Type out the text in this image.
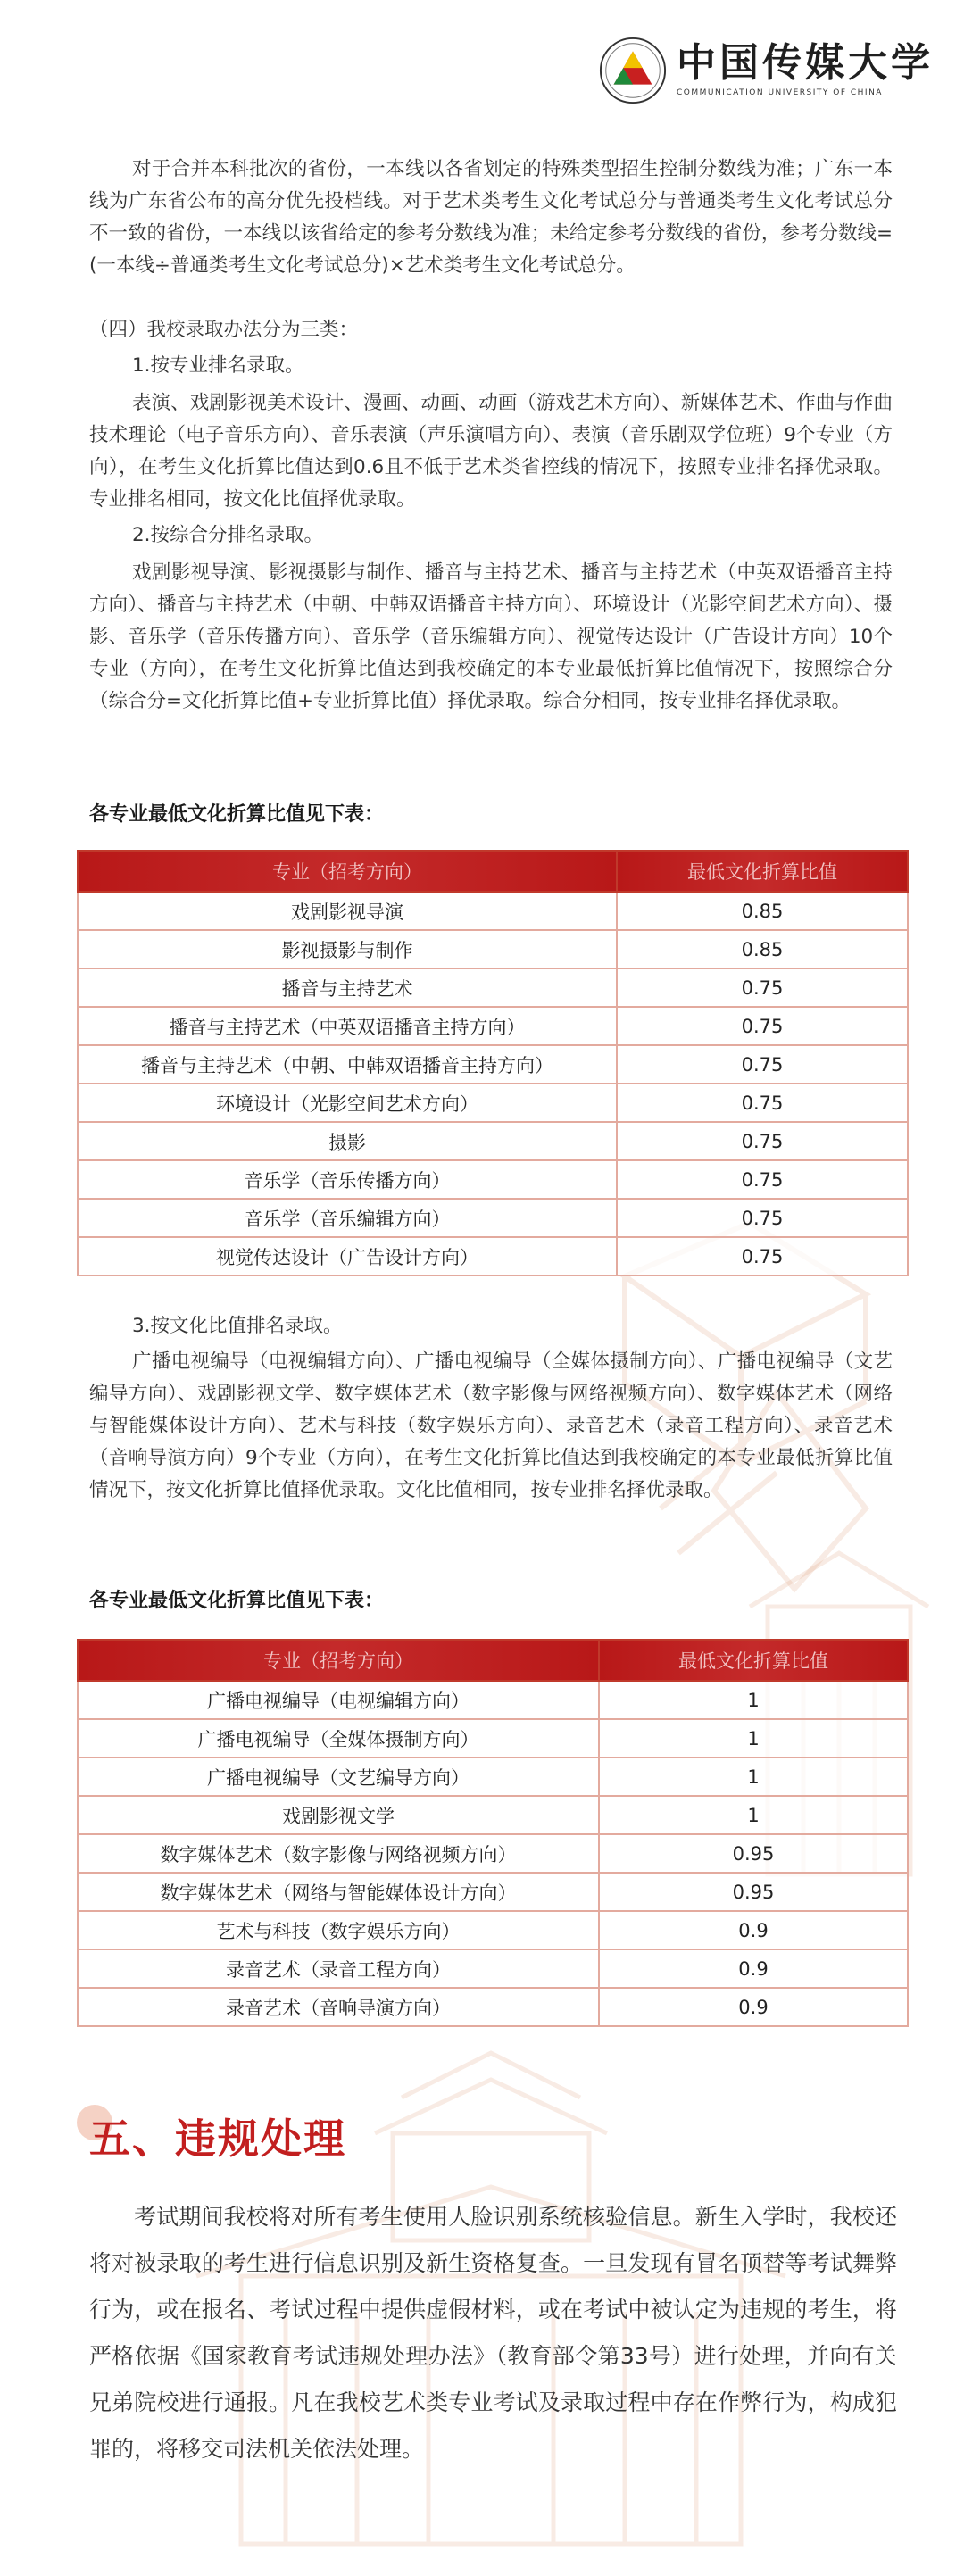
中国传媒大学
COMMUNICATION UNIVERSITY OF CHINA
对于合并本科批次的省份，一本线以各省划定的特殊类型招生控制分数线为准；广东一本线为广东省公布的高分优先投档线。对于艺术类考生文化考试总分与普通类考生文化考试总分不一致的省份，一本线以该省给定的参考分数线为准；未给定参考分数线的省份，参考分数线=(一本线÷普通类考生文化考试总分)×艺术类考生文化考试总分。
（四）我校录取办法分为三类：
1.按专业排名录取。
表演、戏剧影视美术设计、漫画、动画、动画（游戏艺术方向）、新媒体艺术、作曲与作曲技术理论（电子音乐方向）、音乐表演（声乐演唱方向）、表演（音乐剧双学位班）9个专业（方向），在考生文化折算比值达到0.6且不低于艺术类省控线的情况下，按照专业排名择优录取。专业排名相同，按文化比值择优录取。
2.按综合分排名录取。
戏剧影视导演、影视摄影与制作、播音与主持艺术、播音与主持艺术（中英双语播音主持方向）、播音与主持艺术（中朝、中韩双语播音主持方向）、环境设计（光影空间艺术方向）、摄影、音乐学（音乐传播方向）、音乐学（音乐编辑方向）、视觉传达设计（广告设计方向）10个专业（方向），在考生文化折算比值达到我校确定的本专业最低折算比值情况下，按照综合分（综合分=文化折算比值+专业折算比值）择优录取。综合分相同，按专业排名择优录取。
各专业最低文化折算比值见下表：
专业（招考方向）	最低文化折算比值
戏剧影视导演	0.85
影视摄影与制作	0.85
播音与主持艺术	0.75
播音与主持艺术（中英双语播音主持方向）	0.75
播音与主持艺术（中朝、中韩双语播音主持方向）	0.75
环境设计（光影空间艺术方向）	0.75
摄影	0.75
音乐学（音乐传播方向）	0.75
音乐学（音乐编辑方向）	0.75
视觉传达设计（广告设计方向）	0.75
3.按文化比值排名录取。
广播电视编导（电视编辑方向）、广播电视编导（全媒体摄制方向）、广播电视编导（文艺编导方向）、戏剧影视文学、数字媒体艺术（数字影像与网络视频方向）、数字媒体艺术（网络与智能媒体设计方向）、艺术与科技（数字娱乐方向）、录音艺术（录音工程方向）、录音艺术（音响导演方向）9个专业（方向），在考生文化折算比值达到我校确定的本专业最低折算比值情况下，按文化折算比值择优录取。文化比值相同，按专业排名择优录取。
各专业最低文化折算比值见下表：
专业（招考方向）	最低文化折算比值
广播电视编导（电视编辑方向）	1
广播电视编导（全媒体摄制方向）	1
广播电视编导（文艺编导方向）	1
戏剧影视文学	1
数字媒体艺术（数字影像与网络视频方向）	0.95
数字媒体艺术（网络与智能媒体设计方向）	0.95
艺术与科技（数字娱乐方向）	0.9
录音艺术（录音工程方向）	0.9
录音艺术（音响导演方向）	0.9
五、违规处理
考试期间我校将对所有考生使用人脸识别系统核验信息。新生入学时，我校还将对被录取的考生进行信息识别及新生资格复查。一旦发现有冒名顶替等考试舞弊行为，或在报名、考试过程中提供虚假材料，或在考试中被认定为违规的考生，将严格依据《国家教育考试违规处理办法》（教育部令第33号）进行处理，并向有关兄弟院校进行通报。凡在我校艺术类专业考试及录取过程中存在作弊行为，构成犯罪的，将移交司法机关依法处理。
